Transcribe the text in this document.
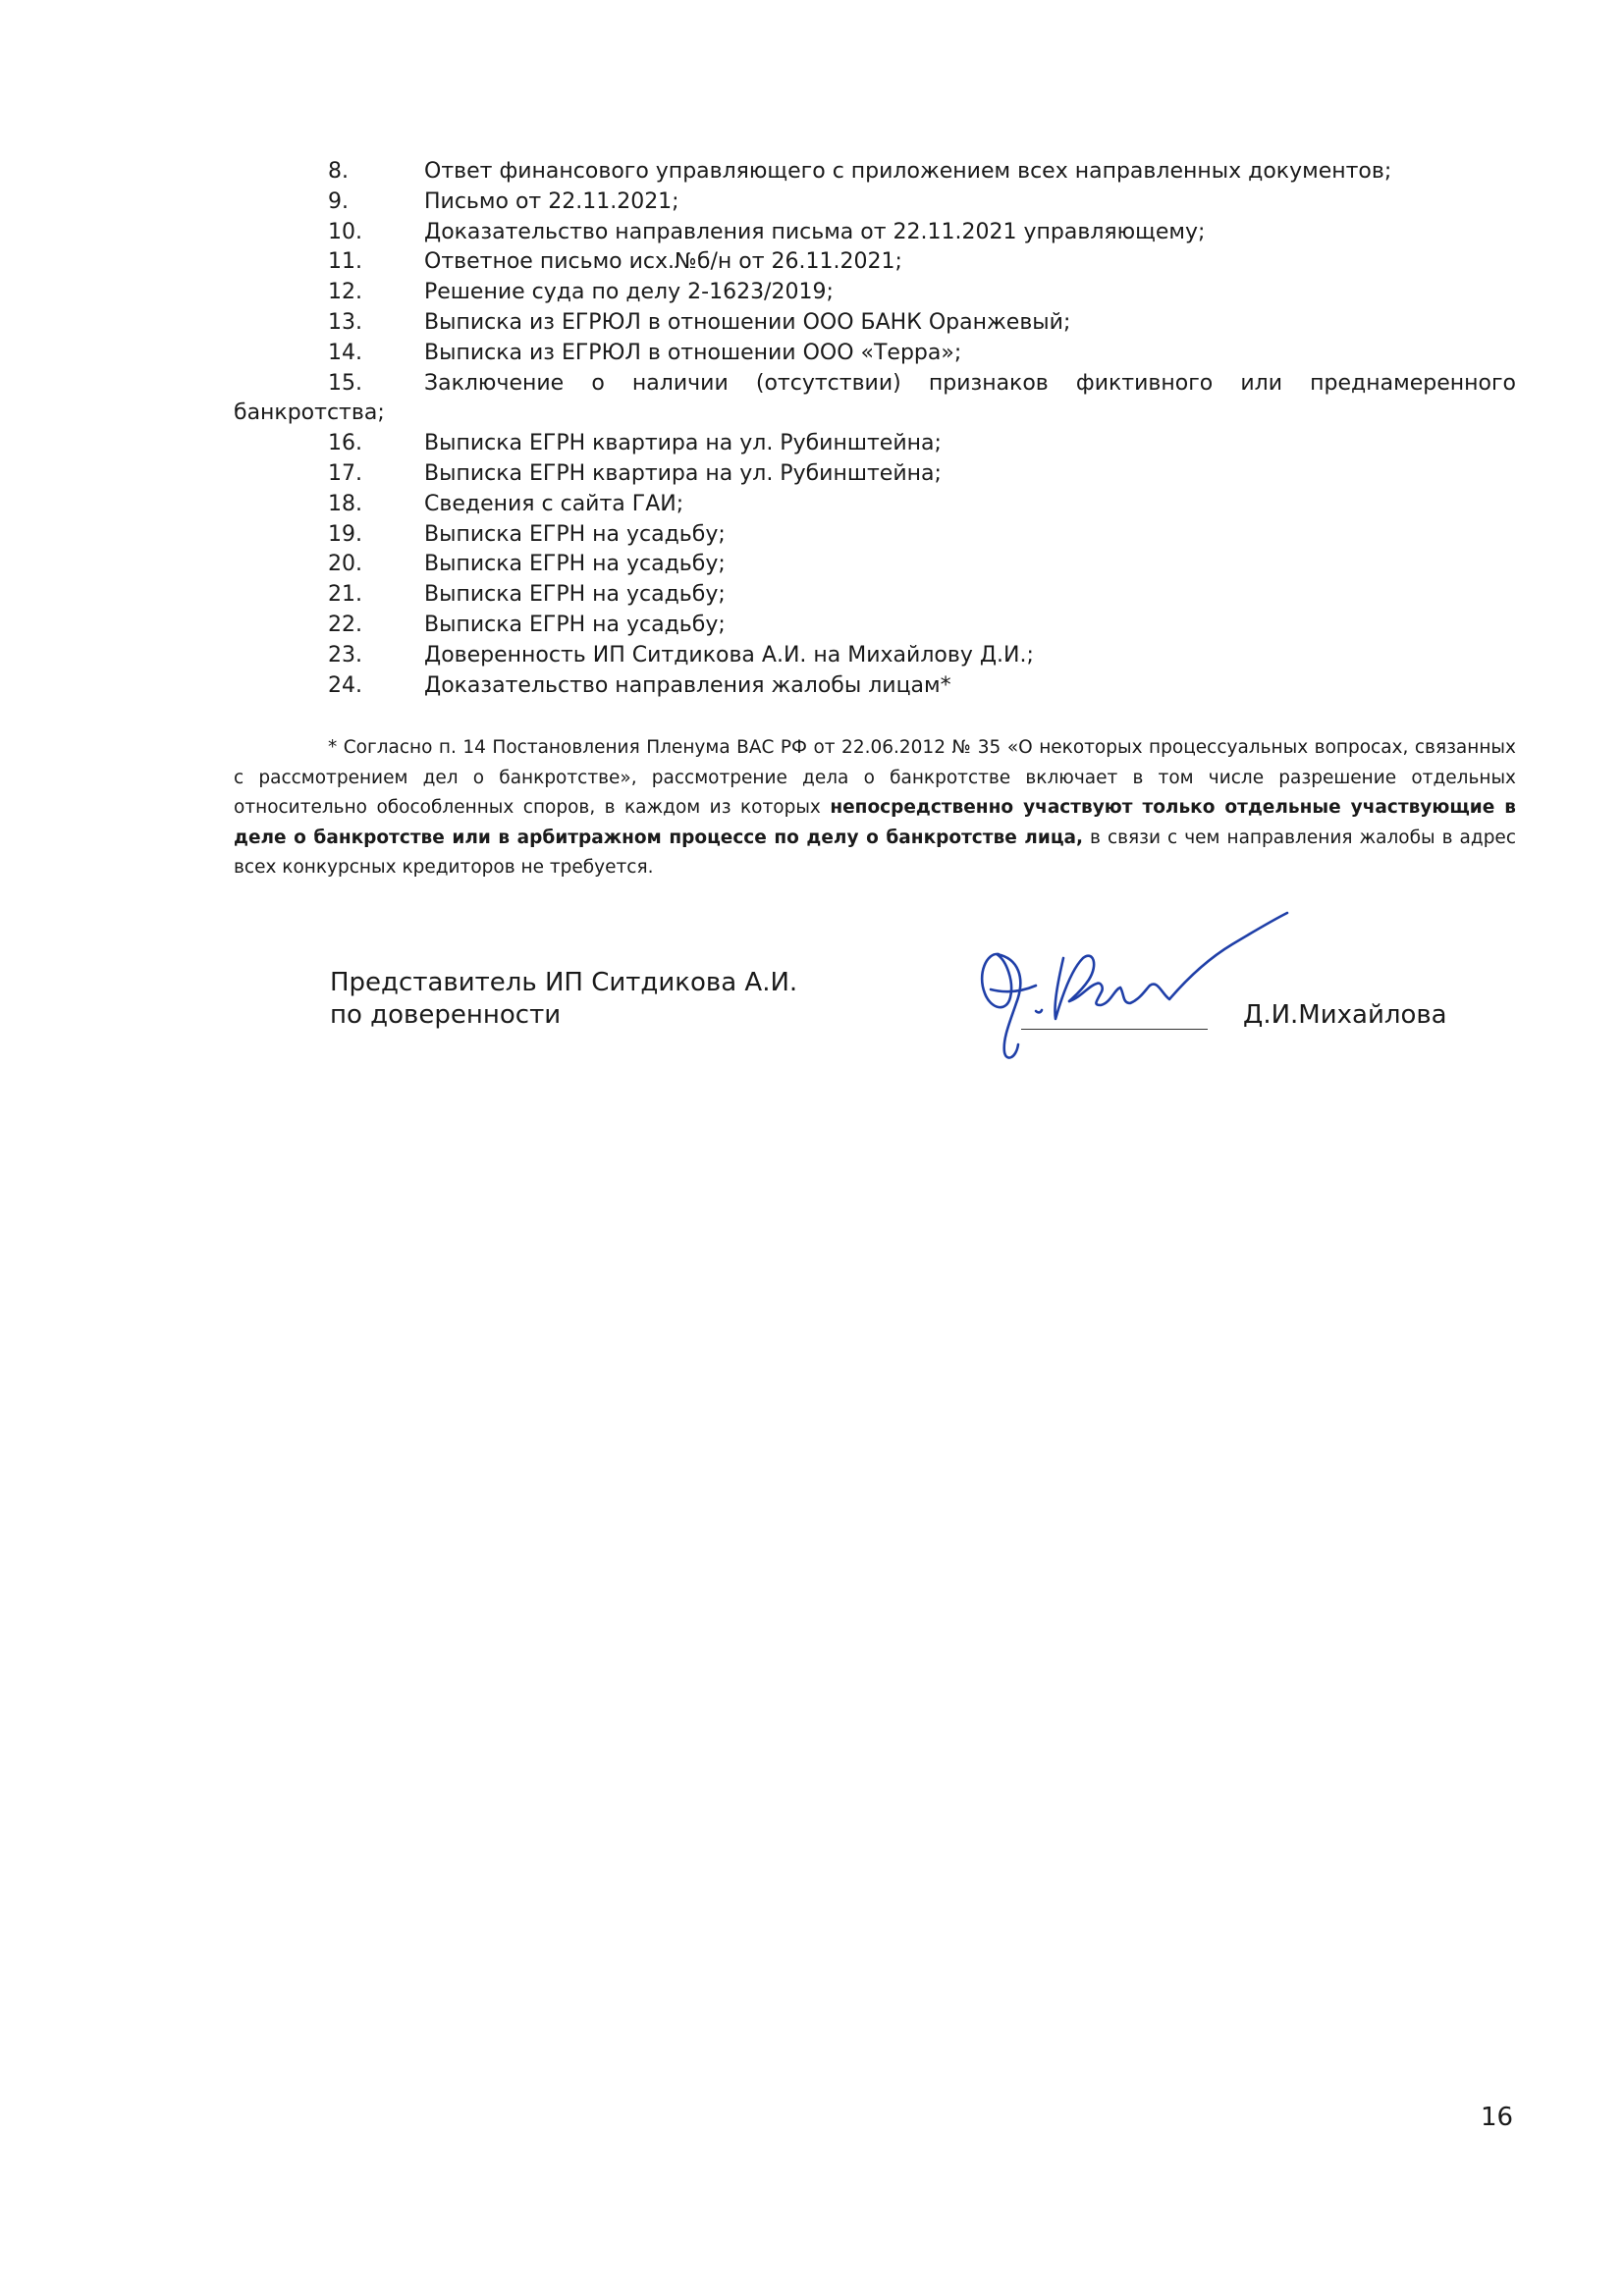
8.	Ответ финансового управляющего с приложением всех направленных документов;
9.	Письмо от 22.11.2021;
10.	Доказательство направления письма от 22.11.2021 управляющему;
11.	Ответное письмо исх.№б/н от 26.11.2021;
12.	Решение суда по делу 2-1623/2019;
13.	Выписка из ЕГРЮЛ в отношении ООО БАНК Оранжевый;
14.	Выписка из ЕГРЮЛ в отношении ООО «Терра»;
15.	Заключение о наличии (отсутствии) признаков фиктивного или преднамеренного
банкротства;
16.	Выписка ЕГРН квартира на ул. Рубинштейна;
17.	Выписка ЕГРН квартира на ул. Рубинштейна;
18.	Сведения с сайта ГАИ;
19.	Выписка ЕГРН на усадьбу;
20.	Выписка ЕГРН на усадьбу;
21.	Выписка ЕГРН на усадьбу;
22.	Выписка ЕГРН на усадьбу;
23.	Доверенность ИП Ситдикова А.И. на Михайлову Д.И.;
24.	Доказательство направления жалобы лицам*
* Согласно п. 14 Постановления Пленума ВАС РФ от 22.06.2012 № 35 «О некоторых процессуальных вопросах, связанных с рассмотрением дел о банкротстве», рассмотрение дела о банкротстве включает в том числе разрешение отдельных относительно обособленных споров, в каждом из которых непосредственно участвуют только отдельные участвующие в деле о банкротстве или в арбитражном процессе по делу о банкротстве лица, в связи с чем направления жалобы в адрес всех конкурсных кредиторов не требуется.
Представитель ИП Ситдикова А.И.
по доверенности	Д.И.Михайлова
16
